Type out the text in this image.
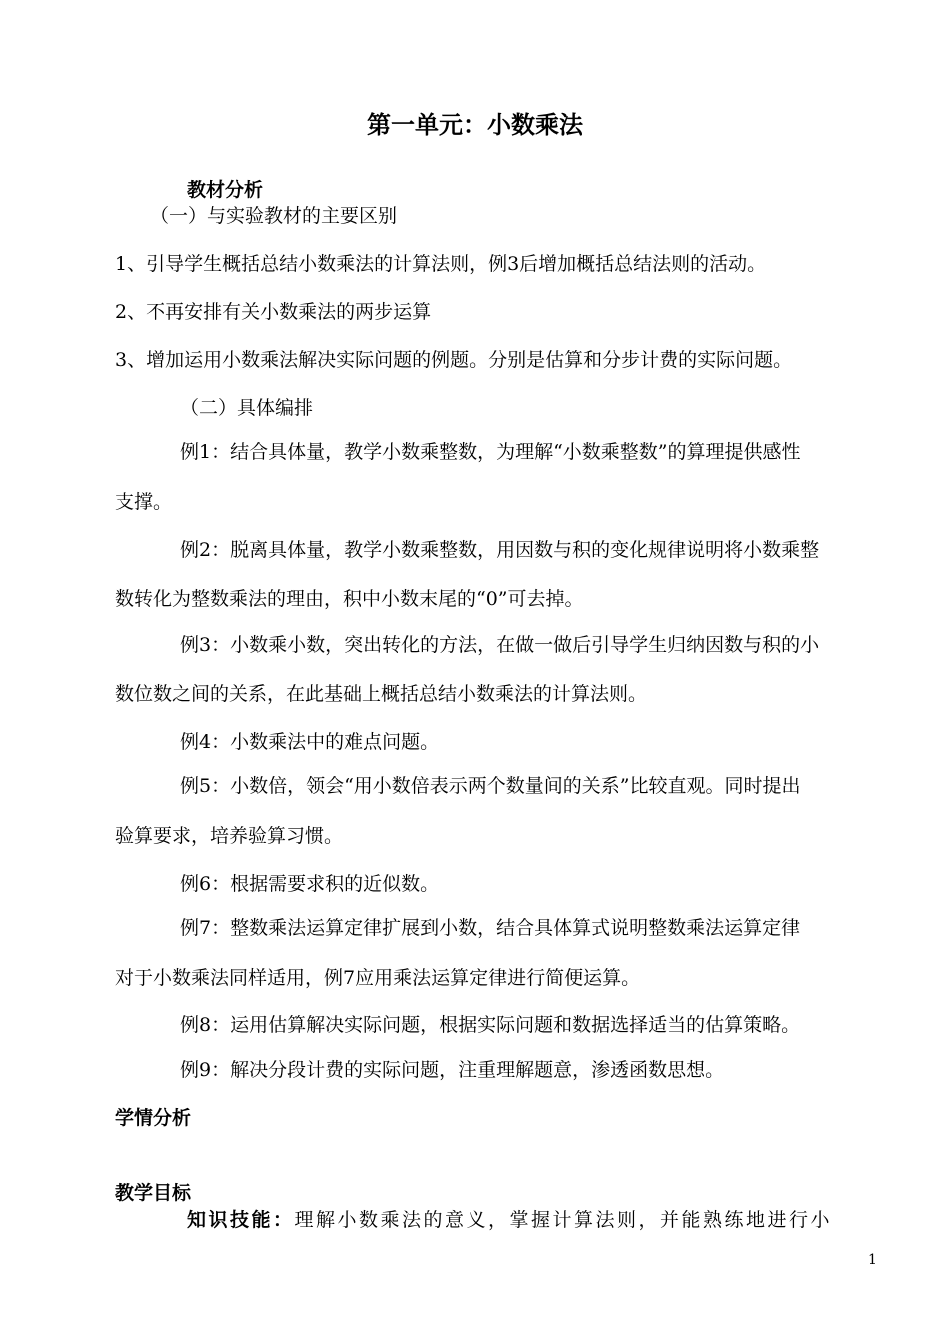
第一单元：小数乘法
教材分析
（一）与实验教材的主要区别
1、引导学生概括总结小数乘法的计算法则，例3后增加概括总结法则的活动。
2、不再安排有关小数乘法的两步运算
3、增加运用小数乘法解决实际问题的例题。分别是估算和分步计费的实际问题。
（二）具体编排
例1：结合具体量，教学小数乘整数，为理解“小数乘整数”的算理提供感性
支撑。
例2：脱离具体量，教学小数乘整数，用因数与积的变化规律说明将小数乘整
数转化为整数乘法的理由，积中小数末尾的“0”可去掉。
例3：小数乘小数，突出转化的方法，在做一做后引导学生归纳因数与积的小
数位数之间的关系，在此基础上概括总结小数乘法的计算法则。
例4：小数乘法中的难点问题。
例5：小数倍，领会“用小数倍表示两个数量间的关系”比较直观。同时提出
验算要求，培养验算习惯。
例6：根据需要求积的近似数。
例7：整数乘法运算定律扩展到小数，结合具体算式说明整数乘法运算定律
对于小数乘法同样适用，例7应用乘法运算定律进行简便运算。
例8：运用估算解决实际问题，根据实际问题和数据选择适当的估算策略。
例9：解决分段计费的实际问题，注重理解题意，渗透函数思想。
学情分析
教学目标
知识技能：理解小数乘法的意义，掌握计算法则，并能熟练地进行小
1
